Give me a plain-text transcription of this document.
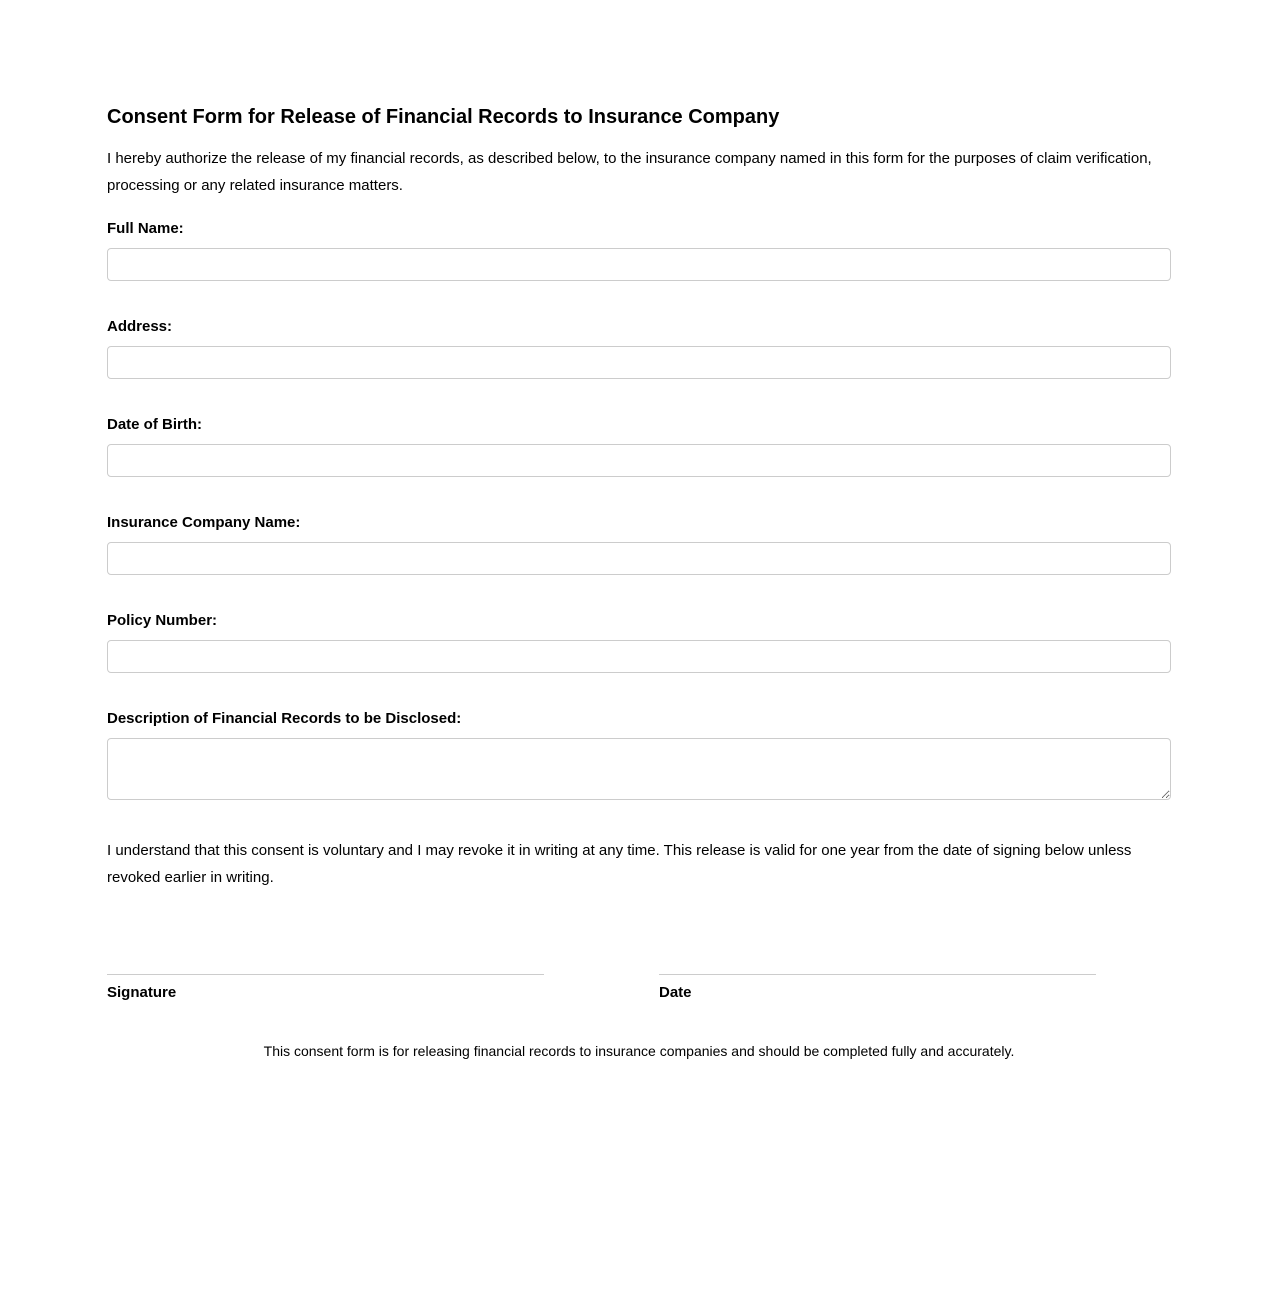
Consent Form for Release of Financial Records to Insurance Company

I hereby authorize the release of my financial records, as described below, to the insurance company named in this form for the purposes of claim verification, processing or any related insurance matters.

Full Name:
Address:
Date of Birth:
Insurance Company Name:
Policy Number:
Description of Financial Records to be Disclosed:

I understand that this consent is voluntary and I may revoke it in writing at any time. This release is valid for one year from the date of signing below unless revoked earlier in writing.

Signature	Date

This consent form is for releasing financial records to insurance companies and should be completed fully and accurately.
